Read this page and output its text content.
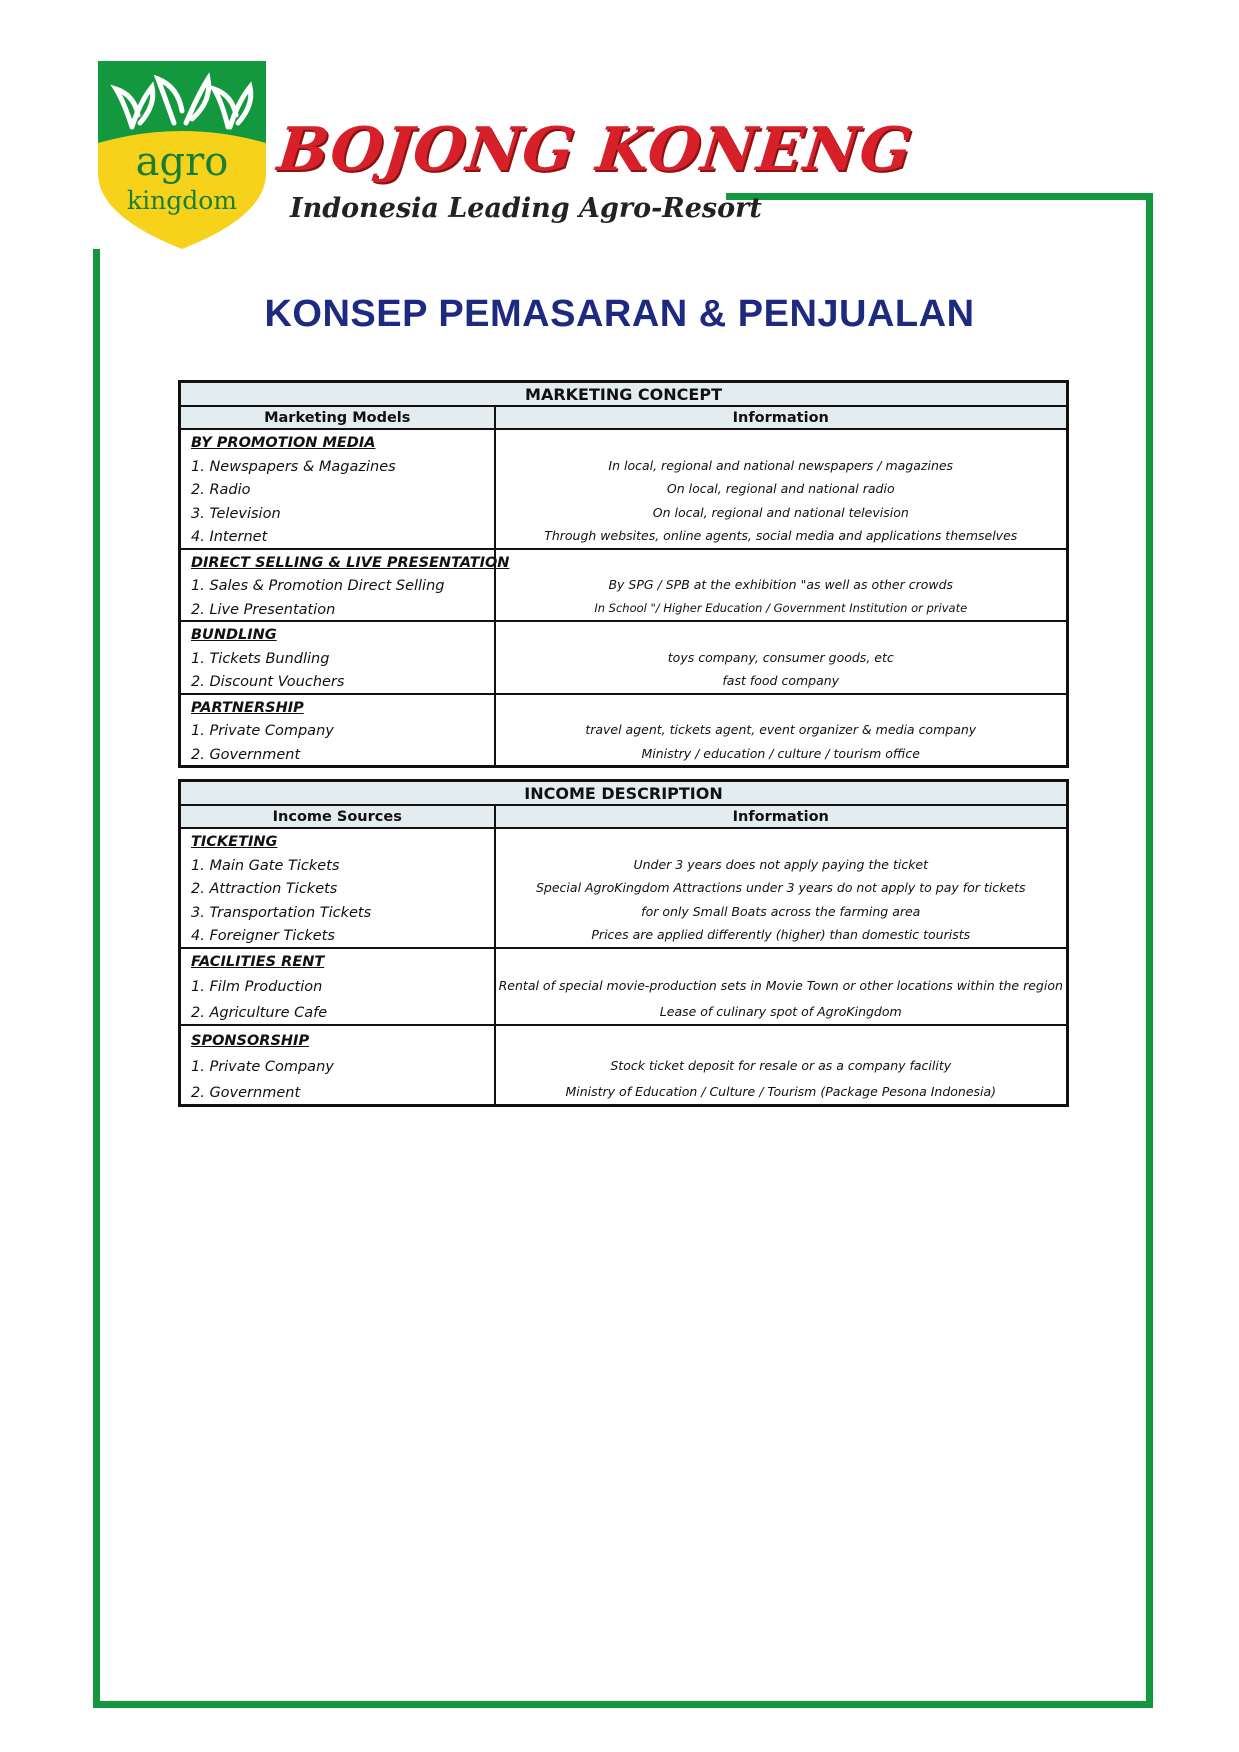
agro
kingdom
BOJONG KONENG
Indonesia Leading Agro-Resort
KONSEP PEMASARAN & PENJUALAN
MARKETING CONCEPT	
Marketing Models	Information
BY PROMOTION MEDIA	
1. Newspapers & Magazines	In local, regional and national newspapers / magazines
2. Radio	On local, regional and national radio
3. Television	On local, regional and national television
4. Internet	Through websites, online agents, social media and applications themselves
DIRECT SELLING & LIVE PRESENTATION	
1. Sales & Promotion Direct Selling	By SPG / SPB at the exhibition "as well as other crowds
2. Live Presentation	In School "/ Higher Education / Government Institution or private
BUNDLING	
1. Tickets Bundling	toys company, consumer goods, etc
2. Discount Vouchers	fast food company
PARTNERSHIP	
1. Private Company	travel agent, tickets agent, event organizer & media company
2. Government	Ministry / education / culture / tourism office
INCOME DESCRIPTION	
Income Sources	Information
TICKETING	
1. Main Gate Tickets	Under 3 years does not apply paying the ticket
2. Attraction Tickets	Special AgroKingdom Attractions under 3 years do not apply to pay for tickets
3. Transportation Tickets	for only Small Boats across the farming area
4. Foreigner Tickets	Prices are applied differently (higher) than domestic tourists
FACILITIES RENT	
1. Film Production	Rental of special movie-production sets in Movie Town or other locations within the region
2. Agriculture Cafe	Lease of culinary spot of AgroKingdom
SPONSORSHIP	
1. Private Company	Stock ticket deposit for resale or as a company facility
2. Government	Ministry of Education / Culture / Tourism (Package Pesona Indonesia)
